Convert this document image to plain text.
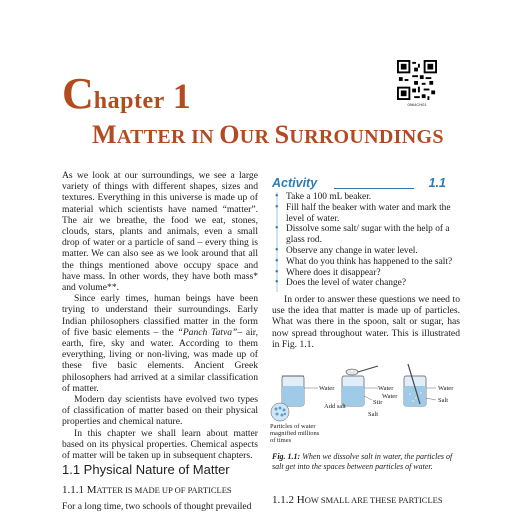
Chapter 1	0964CH01
MATTER IN OUR SURROUNDINGS

As we look at our surroundings, we see a large variety of things with different shapes, sizes and textures. Everything in this universe is made up of material which scientists have named “matter”. The air we breathe, the food we eat, stones, clouds, stars, plants and animals, even a small drop of water or a particle of sand – every thing is matter. We can also see as we look around that all the things mentioned above occupy space and have mass. In other words, they have both mass* and volume**.

Since early times, human beings have been trying to understand their surroundings. Early Indian philosophers classified matter in the form of five basic elements – the “Panch Tatva”– air, earth, fire, sky and water. According to them everything, living or non-living, was made up of these five basic elements. Ancient Greek philosophers had arrived at a similar classification of matter.

Modern day scientists have evolved two types of classification of matter based on their physical properties and chemical nature.

In this chapter we shall learn about matter based on its physical properties. Chemical aspects of matter will be taken up in subsequent chapters.

1.1 Physical Nature of Matter
1.1.1 MATTER IS MADE UP OF PARTICLES
For a long time, two schools of thought prevailed
Activity	1.1
• Take a 100 mL beaker.
• Fill half the beaker with water and mark the level of water.
• Dissolve some salt/ sugar with the help of a glass rod.
• Observe any change in water level.
• What do you think has happened to the salt?
• Where does it disappear?
• Does the level of water change?

In order to answer these questions we need to use the idea that matter is made up of particles. What was there in the spoon, salt or sugar, has now spread throughout water. This is illustrated in Fig. 1.1.

Water
Particles of water
magnified millions
of times
Water
Add salt
Stir
Salt
Water
Salt
Water
Fig. 1.1: When we dissolve salt in water, the particles of salt get into the spaces between particles of water.
1.1.2 HOW SMALL ARE THESE PARTICLES
